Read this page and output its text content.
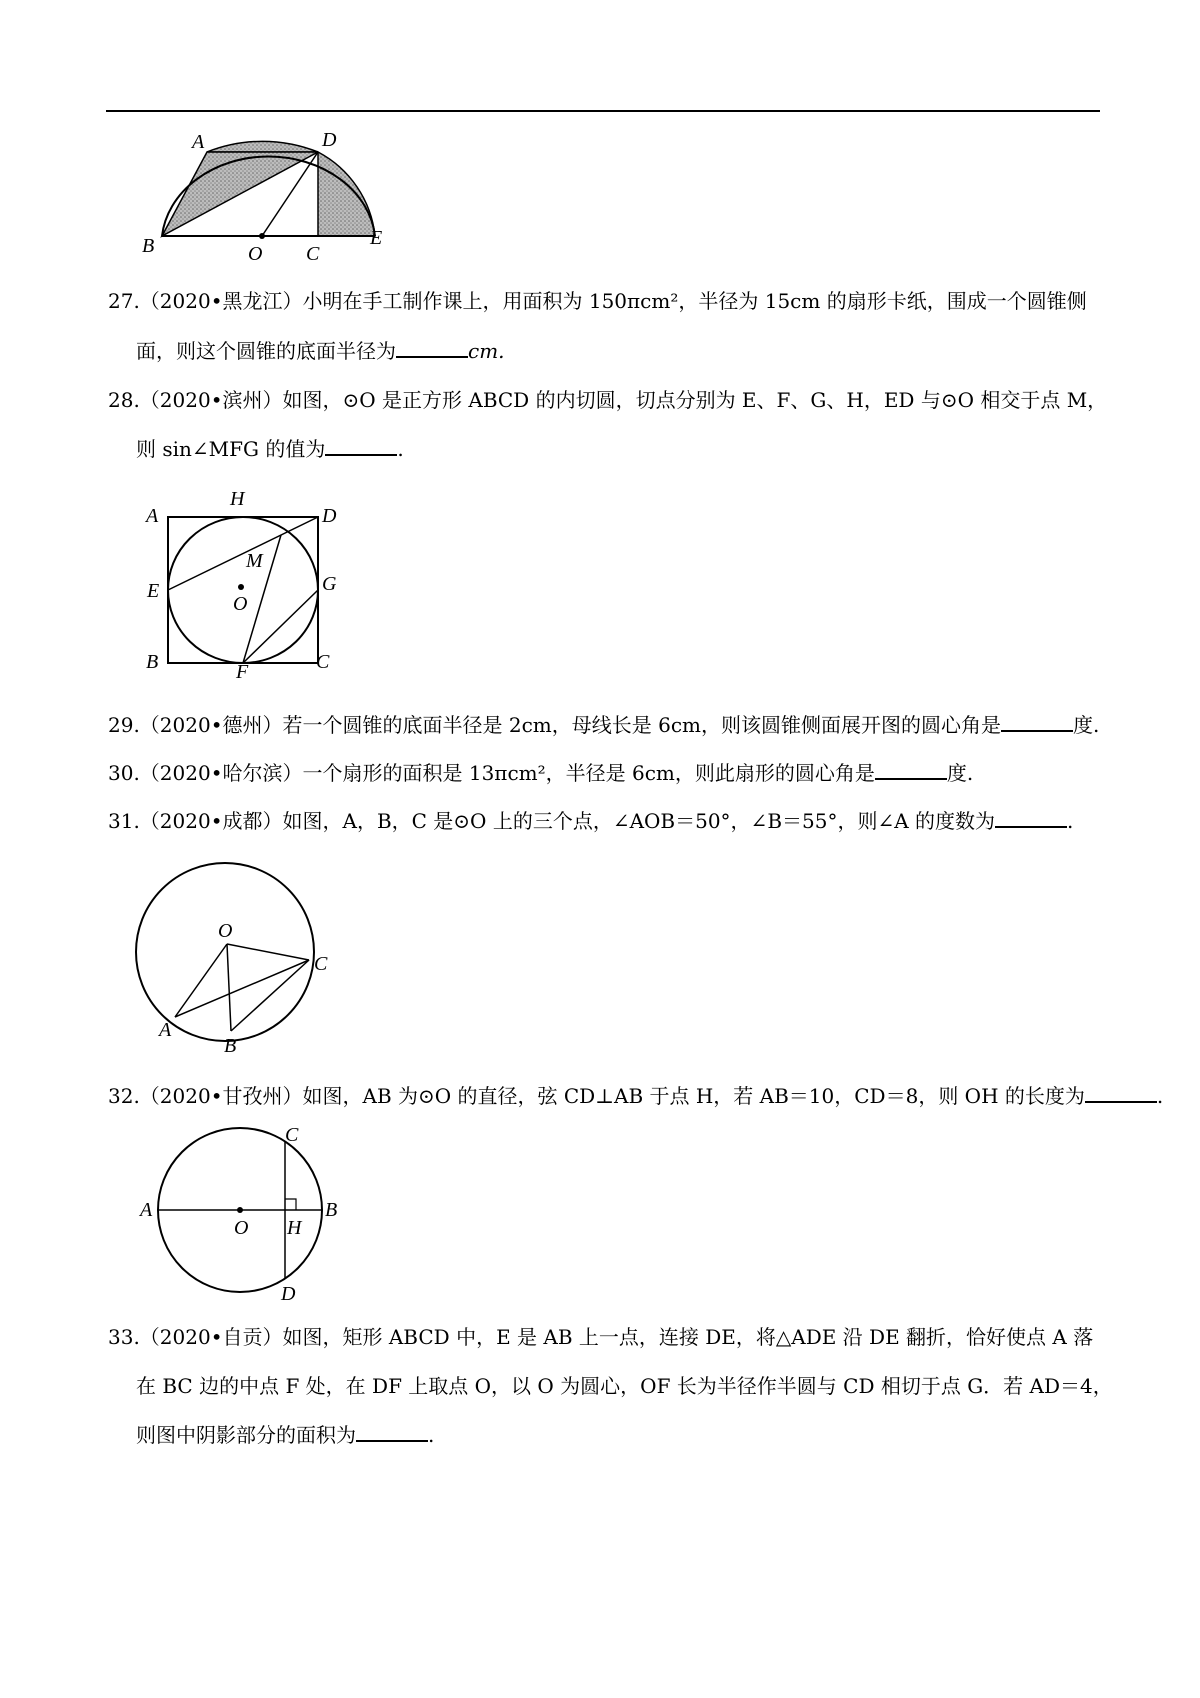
A	D
B	O C
E
27.（2020•黑龙江）小明在手工制作课上，用面积为 150πcm²，半径为 15cm 的扇形卡纸，围成一个圆锥侧
面，则这个圆锥的底面半径为	cm.
28.（2020•滨州）如图，⊙O 是正方形 ABCD 的内切圆，切点分别为 E、F、G、H，ED 与⊙O 相交于点 M，
则 sin∠MFG 的值为	.
H
A	D
M
E
O
G
B	F	C
29.（2020•德州）若一个圆锥的底面半径是 2cm，母线长是 6cm，则该圆锥侧面展开图的圆心角是	度.
30.（2020•哈尔滨）一个扇形的面积是 13πcm²，半径是 6cm，则此扇形的圆心角是	度.
31.（2020•成都）如图，A，B，C 是⊙O 上的三个点，∠AOB＝50°，∠B＝55°，则∠A 的度数为	.
O
C
A
B
32.（2020•甘孜州）如图，AB 为⊙O 的直径，弦 CD⊥AB 于点 H，若 AB＝10，CD＝8，则 OH 的长度为	.
C
A
O H
B
D
33.（2020•自贡）如图，矩形 ABCD 中，E 是 AB 上一点，连接 DE，将△ADE 沿 DE 翻折，恰好使点 A 落
在 BC 边的中点 F 处，在 DF 上取点 O，以 O 为圆心，OF 长为半径作半圆与 CD 相切于点 G．若 AD＝4，
则图中阴影部分的面积为	.
